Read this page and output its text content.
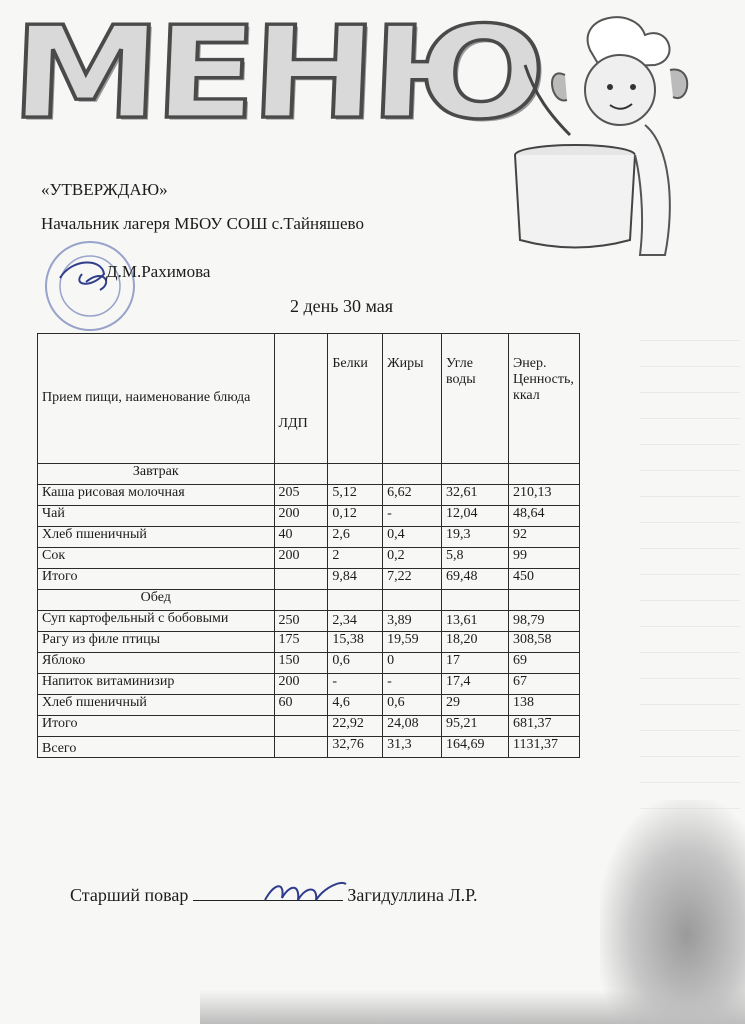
МЕНЮ
«УТВЕРЖДАЮ»
Начальник лагеря МБОУ СОШ с.Тайняшево
Д.М.Рахимова
2 день 30 мая
Прием пищи, наименование блюда	ЛДП	Белки	Жиры	Угле воды	Энер. Ценность, ккал
Завтрак					
Каша рисовая молочная	205	5,12	6,62	32,61	210,13
Чай	200	0,12	-	12,04	48,64
Хлеб пшеничный	40	2,6	0,4	19,3	92
Сок	200	2	0,2	5,8	99
Итого		9,84	7,22	69,48	450
Обед					
Суп картофельный с бобовыми	250	2,34	3,89	13,61	98,79
Рагу из филе птицы	175	15,38	19,59	18,20	308,58
Яблоко	150	0,6	0	17	69
Напиток витаминизир	200	-	-	17,4	67
Хлеб пшеничный	60	4,6	0,6	29	138
Итого		22,92	24,08	95,21	681,37
Всего		32,76	31,3	164,69	1131,37
Старший повар	Загидуллина Л.Р.
